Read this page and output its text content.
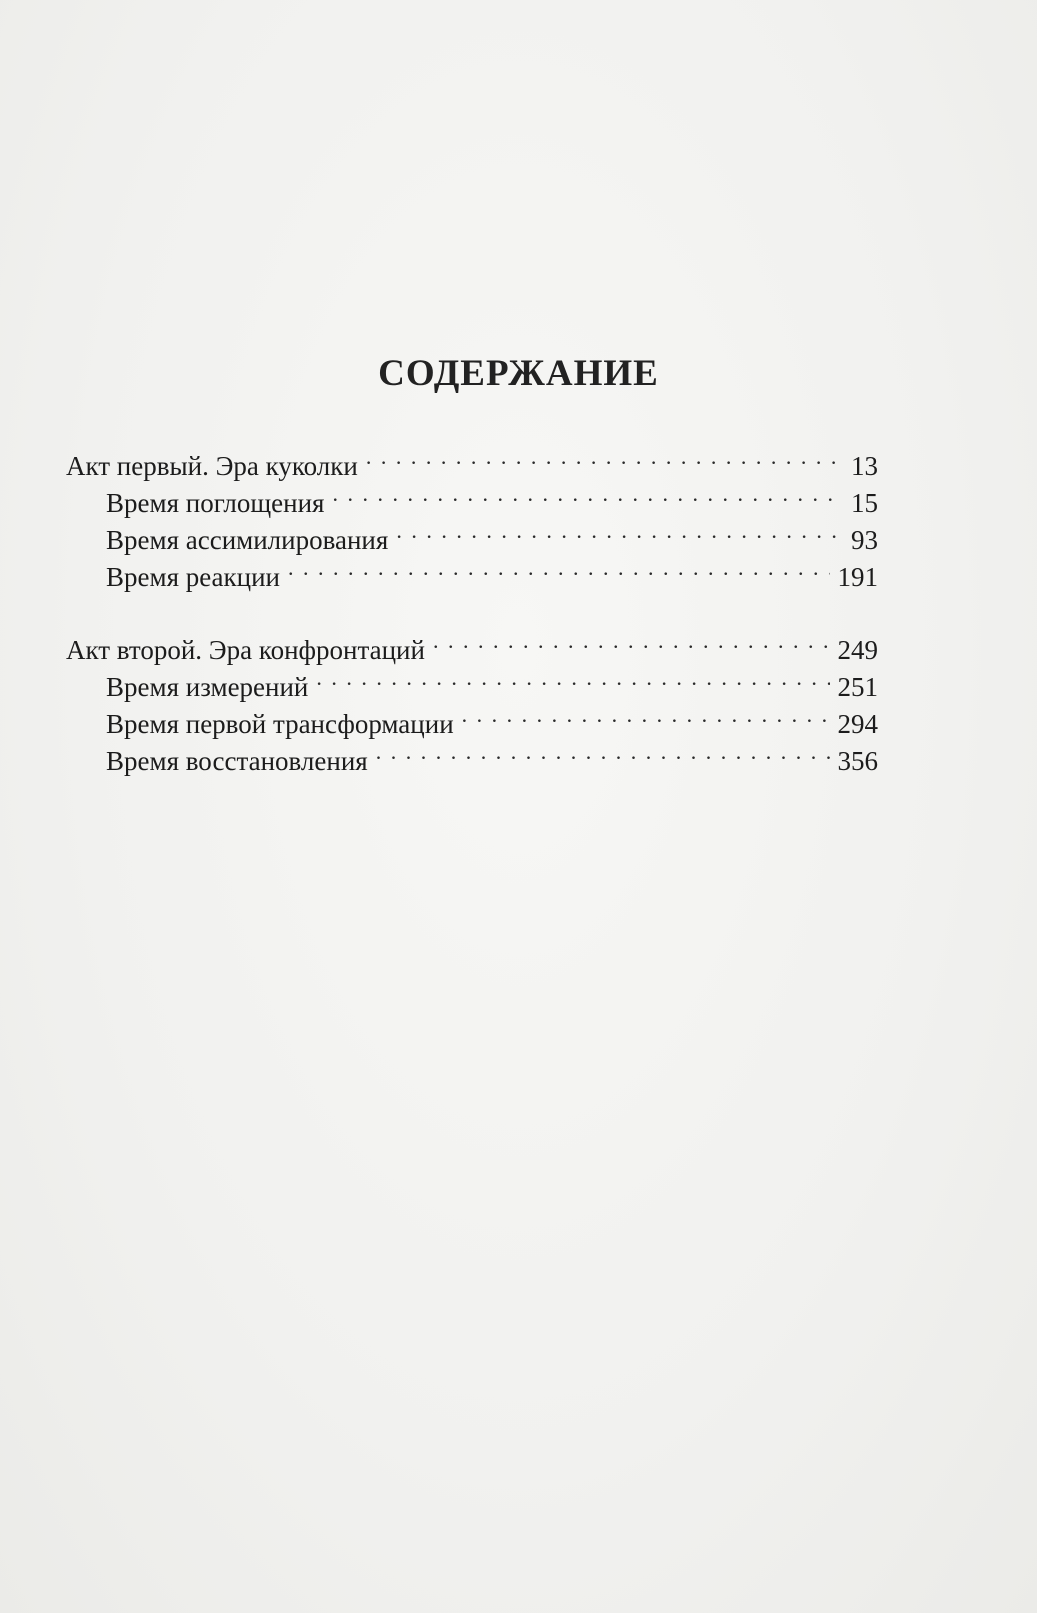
СОДЕРЖАНИЕ
Акт первый. Эра куколки . . .	13
Время поглощения . . .	15
Время ассимилирования . . .	93
Время реакции . . .	191
Акт второй. Эра конфронтаций . . .	249
Время измерений . . .	251
Время первой трансформации . . .	294
Время восстановления . . .	356
